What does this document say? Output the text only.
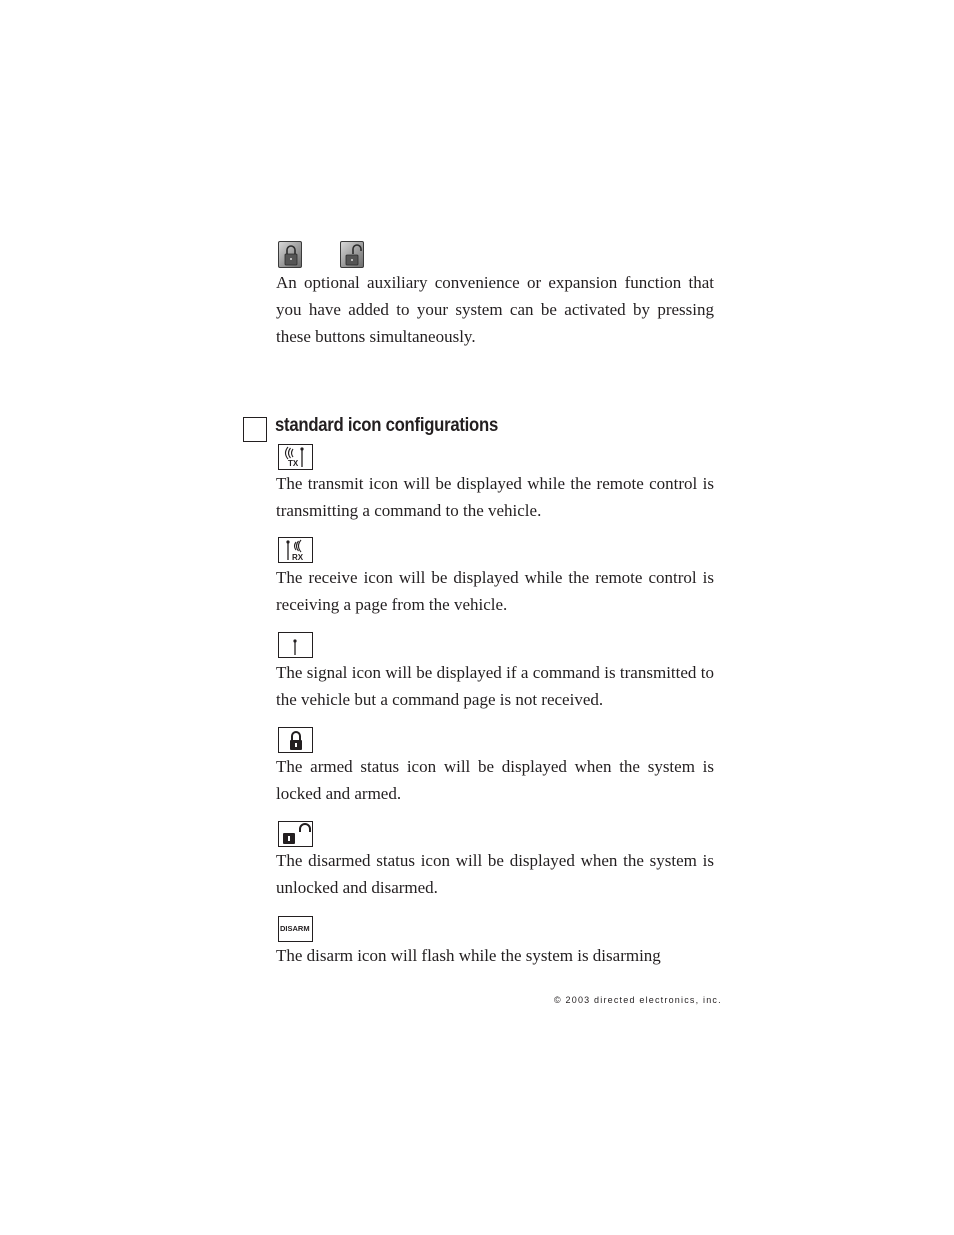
An optional auxiliary convenience or expansion function that you have added to your system can be activated by pressing these buttons simultaneously.

standard icon configurations
TX

The transmit icon will be displayed while the remote control is transmitting a command to the vehicle.

RX

The receive icon will be displayed while the remote control is receiving a page from the vehicle.

The signal icon will be displayed if a command is transmitted to the vehicle but a command page is not received.

The armed status icon will be displayed when the system is locked and armed.

The disarmed status icon will be displayed when the system is unlocked and disarmed.

DISARM

The disarm icon will flash while the system is disarming

© 2003 directed electronics, inc.
